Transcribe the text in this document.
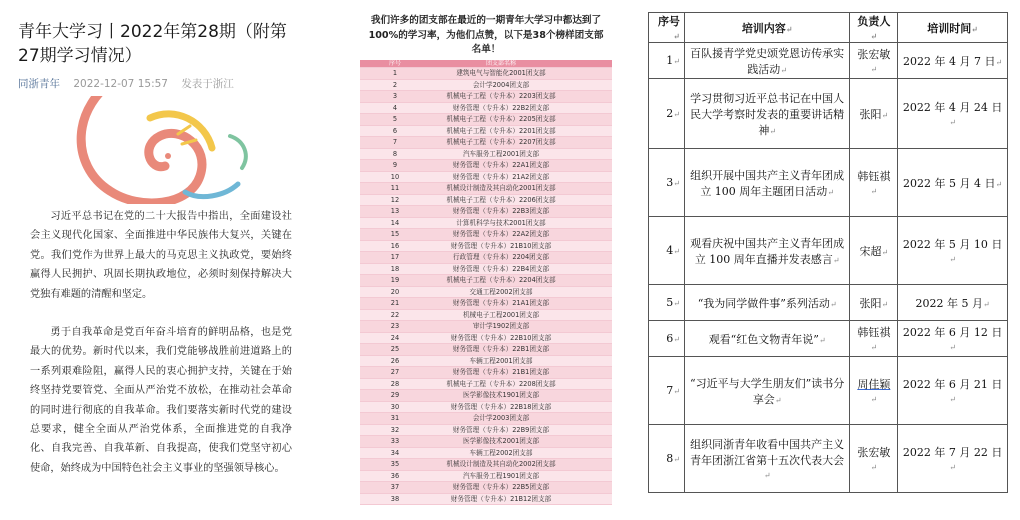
青年大学习丨2022年第28期（附第27期学习情况）
同浙青年 2022-12-07 15:57 发表于浙江

习近平总书记在党的二十大报告中指出，全面建设社会主义现代化国家、全面推进中华民族伟大复兴，关键在党。我们党作为世界上最大的马克思主义执政党，要始终赢得人民拥护、巩固长期执政地位，必须时刻保持解决大党独有难题的清醒和坚定。

勇于自我革命是党百年奋斗培育的鲜明品格，也是党最大的优势。新时代以来，我们党能够战胜前进道路上的一系列艰难险阻，赢得人民的衷心拥护支持，关键在于始终坚持党要管党、全面从严治党不放松，在推动社会革命的同时进行彻底的自我革命。我们要落实新时代党的建设总要求，健全全面从严治党体系，全面推进党的自我净化、自我完善、自我革新、自我提高，使我们党坚守初心使命，始终成为中国特色社会主义事业的坚强领导核心。

我们许多的团支部在最近的一期青年大学习中都达到了100%的学习率，为他们点赞，以下是38个榜样团支部名单！
序号	团支部名称
1	建筑电气与智能化2001团支部
2	会计学2004团支部
3	机械电子工程（专升本）2203团支部
4	财务管理（专升本）22B2团支部
5	机械电子工程（专升本）2205团支部
6	机械电子工程（专升本）2201团支部
7	机械电子工程（专升本）2207团支部
8	汽车服务工程2001团支部
9	财务管理（专升本）22A1团支部
10	财务管理（专升本）21A2团支部
11	机械设计制造及其自动化2001团支部
12	机械电子工程（专升本）2206团支部
13	财务管理（专升本）22B3团支部
14	计算机科学与技术2001团支部
15	财务管理（专升本）22A2团支部
16	财务管理（专升本）21B10团支部
17	行政管理（专升本）2204团支部
18	财务管理（专升本）22B4团支部
19	机械电子工程（专升本）2204团支部
20	交通工程2002团支部
21	财务管理（专升本）21A1团支部
22	机械电子工程2001团支部
23	审计学1902团支部
24	财务管理（专升本）22B10团支部
25	财务管理（专升本）22B1团支部
26	车辆工程2001团支部
27	财务管理（专升本）21B1团支部
28	机械电子工程（专升本）2208团支部
29	医学影像技术1901团支部
30	财务管理（专升本）22B18团支部
31	会计学2003团支部
32	财务管理（专升本）22B9团支部
33	医学影像技术2001团支部
34	车辆工程2002团支部
35	机械设计制造及其自动化2002团支部
36	汽车服务工程1901团支部
37	财务管理（专升本）22B5团支部
38	财务管理（专升本）21B12团支部
序号↵	培训内容↵	负责人↵	培训时间↵
1↵	百队援青学党史颂党恩访传承实践活动↵	张宏敏↵	2022 年 4 月 7 日↵
2↵	学习贯彻习近平总书记在中国人民大学考察时发表的重要讲话精神↵	张阳↵	2022 年 4 月 24 日↵
3↵	组织开展中国共产主义青年团成立 100 周年主题团日活动↵	韩钰祺↵	2022 年 5 月 4 日↵
4↵	观看庆祝中国共产主义青年团成立 100 周年直播并发表感言↵	宋超↵	2022 年 5 月 10 日↵
5↵	“我为同学做件事”系列活动↵	张阳↵	2022 年 5 月↵
6↵	观看“红色文物青年说”↵	韩钰祺↵	2022 年 6 月 12 日↵
7↵	“习近平与大学生朋友们”读书分享会↵	周佳颖↵	2022 年 6 月 21 日↵
8↵	组织同浙青年收看中国共产主义青年团浙江省第十五次代表大会↵	张宏敏↵	2022 年 7 月 22 日↵
